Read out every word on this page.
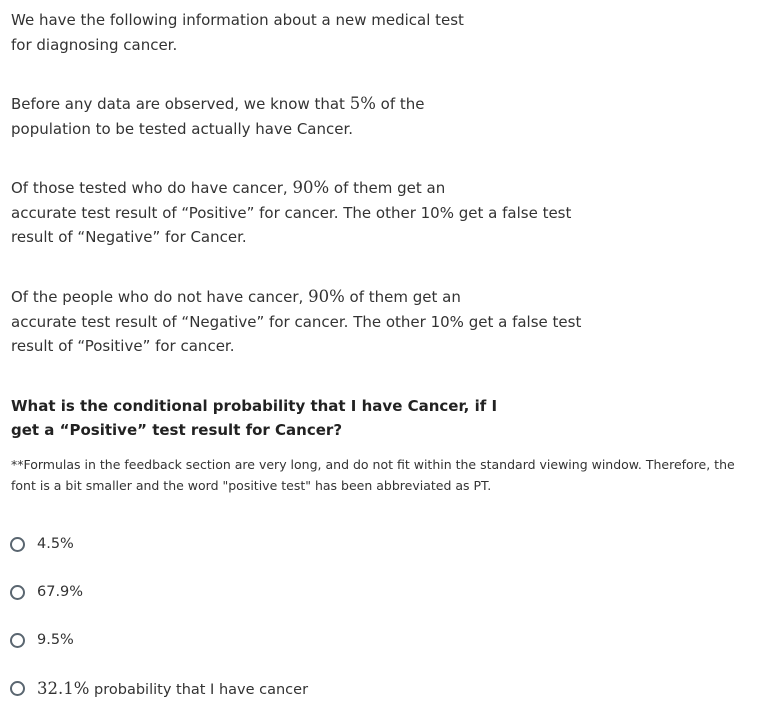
We have the following information about a new medical test
for diagnosing cancer.
Before any data are observed, we know that 5% of the
population to be tested actually have Cancer.
Of those tested who do have cancer, 90% of them get an
accurate test result of “Positive” for cancer. The other 10% get a false test
result of “Negative” for Cancer.
Of the people who do not have cancer, 90% of them get an
accurate test result of “Negative” for cancer. The other 10% get a false test
result of “Positive” for cancer.
What is the conditional probability that I have Cancer, if I
get a “Positive” test result for Cancer?
**Formulas in the feedback section are very long, and do not fit within the standard viewing window. Therefore, the
font is a bit smaller and the word "positive test" has been abbreviated as PT.
4.5%
67.9%
9.5%
32.1% probability that I have cancer
